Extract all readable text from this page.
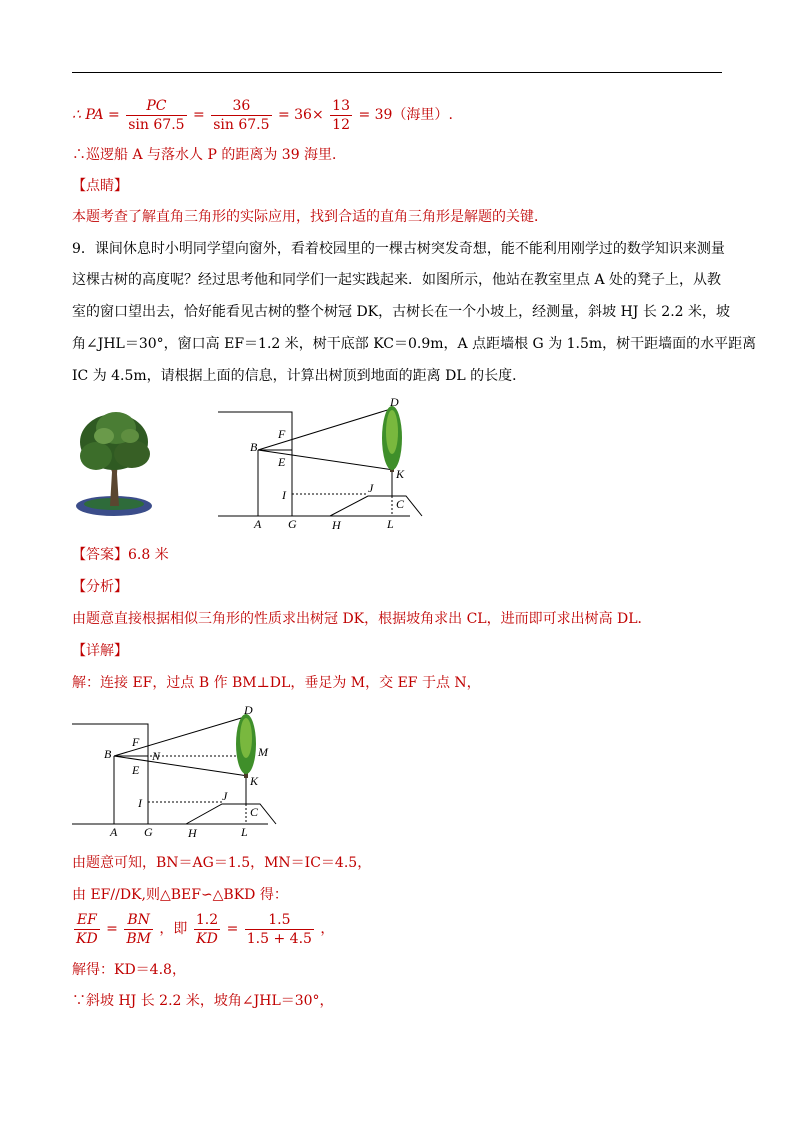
∴ PA = $\frac{PC}{\sin 67.5} = \frac{36}{\sin 67.5} = 36\times \frac{13}{12} = 39$（海里）.
∴巡逻船 A 与落水人 P 的距离为 39 海里．
【点睛】
本题考查了解直角三角形的实际应用，找到合适的直角三角形是解题的关键．
9．课间休息时小明同学望向窗外，看着校园里的一棵古树突发奇想，能不能利用刚学过的数学知识来测量
这棵古树的高度呢？经过思考他和同学们一起实践起来．如图所示，他站在教室里点 A 处的凳子上，从教
室的窗口望出去，恰好能看见古树的整个树冠 DK，古树长在一个小坡上，经测量，斜坡 HJ 长 2.2 米，坡
角∠JHL＝30°，窗口高 EF＝1.2 米，树干底部 KC＝0.9m，A 点距墙根 G 为 1.5m，树干距墙面的水平距离
IC 为 4.5m，请根据上面的信息，计算出树顶到地面的距离 DL 的长度．
D
F
B
E
K
J
I
C
A G	H	L
【答案】6.8 米
【分析】
由题意直接根据相似三角形的性质求出树冠 DK，根据坡角求出 CL，进而即可求出树高 DL．
【详解】
解：连接 EF，过点 B 作 BM⊥DL，垂足为 M，交 EF 于点 N，
D
F
N	M
B
E
K
J
I
C
A G	H	L
由题意可知，BN＝AG＝1.5，MN＝IC＝4.5，
由 EF//DK,则△BEF∽△BKD 得：
$\frac{EF}{KD} = \frac{BN}{BM}$ ，即 $\frac{1.2}{KD} = \frac{1.5}{1.5 + 4.5}$ ，
解得：KD＝4.8，
∵斜坡 HJ 长 2.2 米，坡角∠JHL＝30°，
